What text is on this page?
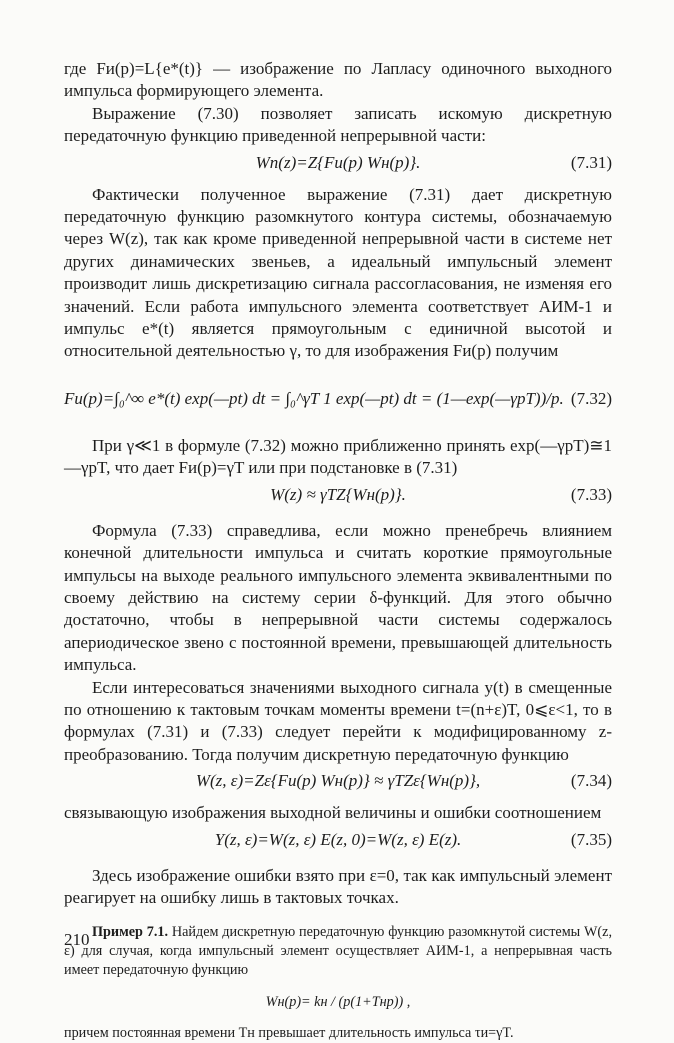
где Fи(p)=L{e*(t)} — изображение по Лапласу одиночного выходного импульса формирующего элемента.

Выражение (7.30) позволяет записать искомую дискретную передаточную функцию приведенной непрерывной части:

Wп(z)=Z{Fи(p) Wн(p)}.	(7.31)

Фактически полученное выражение (7.31) дает дискретную передаточную функцию разомкнутого контура системы, обозначаемую через W(z), так как кроме приведенной непрерывной части в системе нет других динамических звеньев, а идеальный импульсный элемент производит лишь дискретизацию сигнала рассогласования, не изменяя его значений. Если работа импульсного элемента соответствует АИМ-1 и импульс e*(t) является прямоугольным с единичной высотой и относительной деятельностью γ, то для изображения Fи(p) получим

Fи(p)=∫₀^∞ e*(t) exp(—pt) dt = ∫₀^γT 1 exp(—pt) dt = (1—exp(—γpT))/p. (7.32)

При γ≪1 в формуле (7.32) можно приближенно принять exp(—γpT)≅1—γpT, что дает Fи(p)=γT или при подстановке в (7.31)

W(z) ≈ γTZ{Wн(p)}.	(7.33)

Формула (7.33) справедлива, если можно пренебречь влиянием конечной длительности импульса и считать короткие прямоугольные импульсы на выходе реального импульсного элемента эквивалентными по своему действию на систему серии δ-функций. Для этого обычно достаточно, чтобы в непрерывной части системы содержалось апериодическое звено с постоянной времени, превышающей длительность импульса.

Если интересоваться значениями выходного сигнала y(t) в смещенные по отношению к тактовым точкам моменты времени t=(n+ε)T, 0⩽ε<1, то в формулах (7.31) и (7.33) следует перейти к модифицированному z-преобразованию. Тогда получим дискретную передаточную функцию

W(z, ε)=Zε{Fи(p) Wн(p)} ≈ γTZε{Wн(p)},	(7.34)

связывающую изображения выходной величины и ошибки соотношением

Y(z, ε)=W(z, ε) E(z, 0)=W(z, ε) E(z).	(7.35)

Здесь изображение ошибки взято при ε=0, так как импульсный элемент реагирует на ошибку лишь в тактовых точках.

Пример 7.1. Найдем дискретную передаточную функцию разомкнутой системы W(z, ε) для случая, когда импульсный элемент осуществляет АИМ-1, а непрерывная часть имеет передаточную функцию

Wн(p)= kн / (p(1+Tнp)) ,

причем постоянная времени Tн превышает длительность импульса τи=γT.

210
